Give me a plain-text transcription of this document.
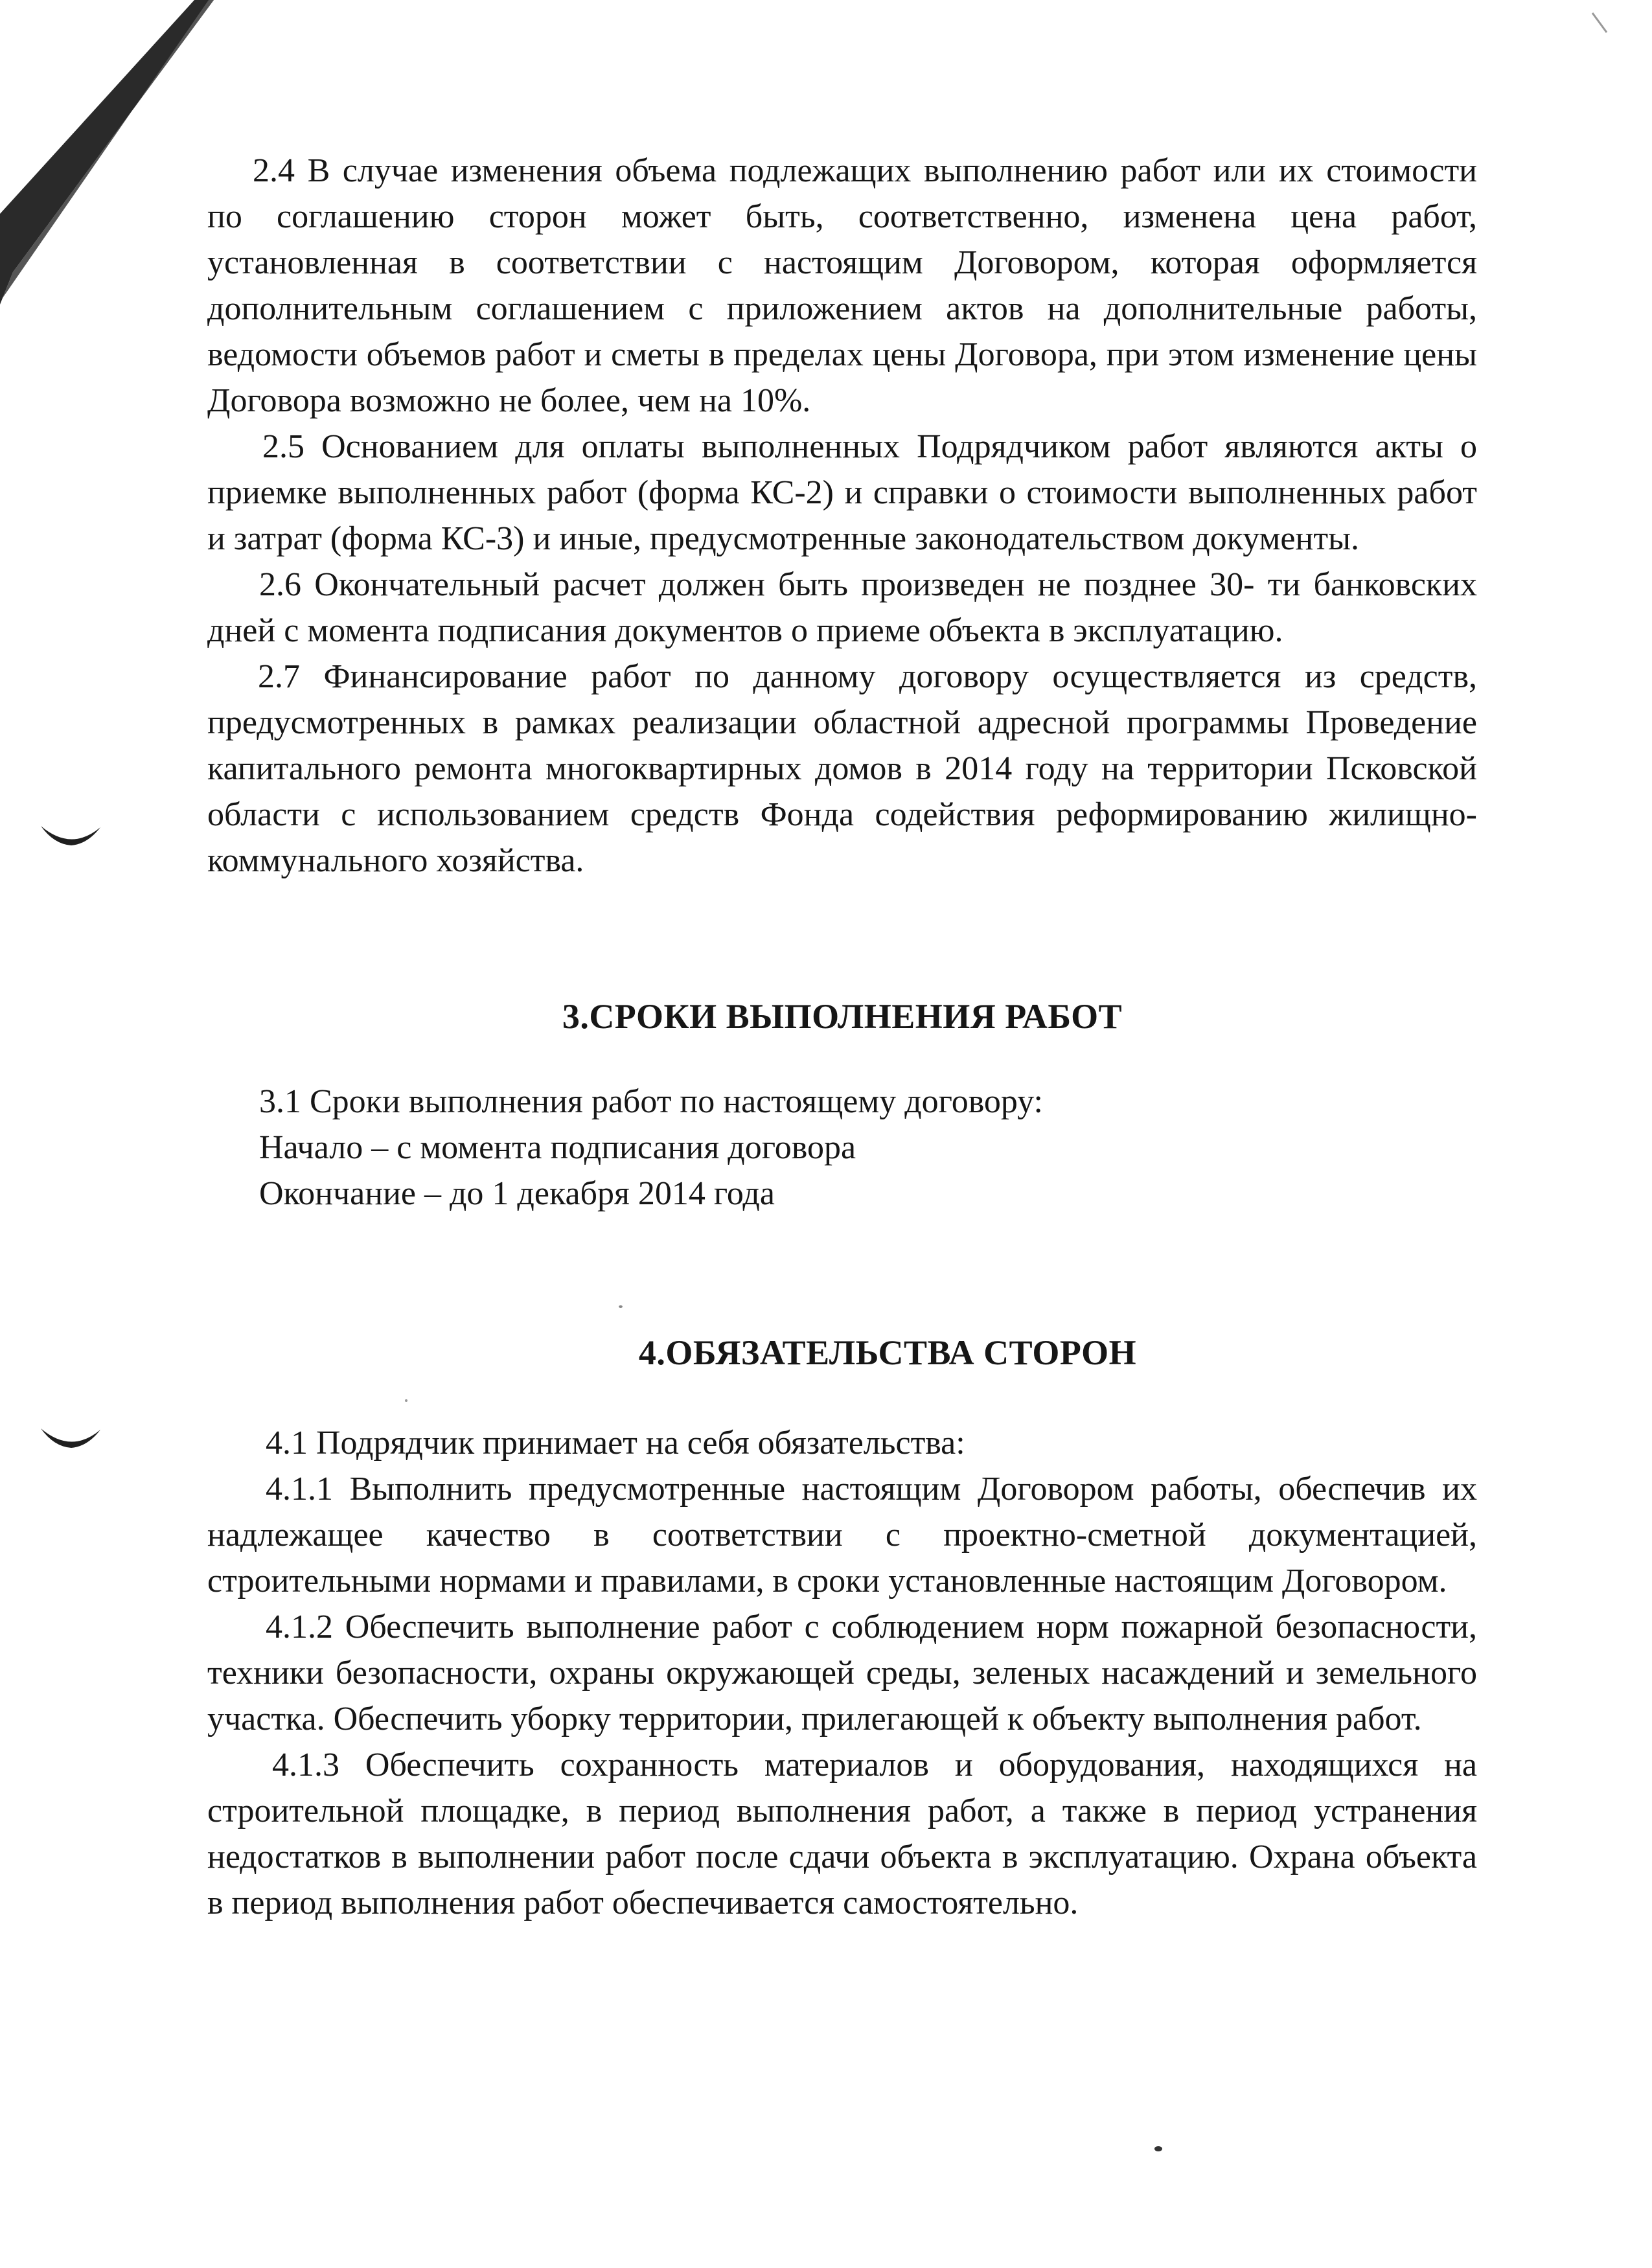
2.4 В случае изменения объема подлежащих выполнению работ или их стоимости по соглашению сторон может быть, соответственно, изменена цена работ, установленная в соответствии с настоящим Договором, которая оформляется дополнительным соглашением с приложением актов на дополнительные работы, ведомости объемов работ и сметы в пределах цены Договора, при этом изменение цены Договора возможно не более, чем на 10%.

2.5 Основанием для оплаты выполненных Подрядчиком работ являются акты о приемке выполненных работ (форма КС-2) и справки о стоимости выполненных работ и затрат (форма КС-3) и иные, предусмотренные законодательством документы.

2.6 Окончательный расчет должен быть произведен не позднее 30- ти банковских дней с момента подписания документов о приеме объекта в эксплуатацию.

2.7 Финансирование работ по данному договору осуществляется из средств, предусмотренных в рамках реализации областной адресной программы Проведение капитального ремонта многоквартирных домов в 2014 году на территории Псковской области с использованием средств Фонда содействия реформированию жилищно-коммунального хозяйства.

3.СРОКИ ВЫПОЛНЕНИЯ РАБОТ

3.1 Сроки выполнения работ по настоящему договору:

Начало – с момента подписания договора

Окончание – до 1 декабря 2014 года

4.ОБЯЗАТЕЛЬСТВА СТОРОН

4.1 Подрядчик принимает на себя обязательства:

4.1.1 Выполнить предусмотренные настоящим Договором работы, обеспечив их надлежащее качество в соответствии с проектно-сметной документацией, строительными нормами и правилами, в сроки установленные настоящим Договором.

4.1.2 Обеспечить выполнение работ с соблюдением норм пожарной безопасности, техники безопасности, охраны окружающей среды, зеленых насаждений и земельного участка. Обеспечить уборку территории, прилегающей к объекту выполнения работ.

4.1.3 Обеспечить сохранность материалов и оборудования, находящихся на строительной площадке, в период выполнения работ, а также в период устранения недостатков в выполнении работ после сдачи объекта в эксплуатацию. Охрана объекта в период выполнения работ обеспечивается самостоятельно.
